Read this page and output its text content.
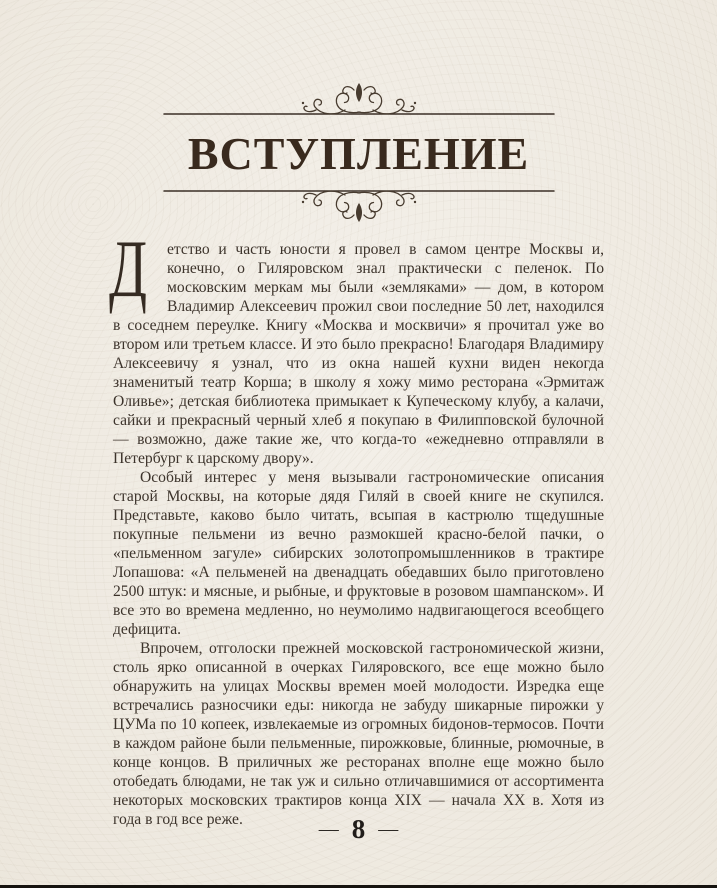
ВСТУПЛЕНИЕ

Д етство и часть юности я провел в самом центре Москвы и, конечно, о Гиляровском знал практически с пеленок. По московским меркам мы были «земляками» — дом, в котором Владимир Алексеевич прожил свои последние 50 лет, находился в соседнем переулке. Книгу «Москва и москвичи» я прочитал уже во втором или третьем классе. И это было прекрасно! Благодаря Владимиру Алексеевичу я узнал, что из окна нашей кухни виден некогда знаменитый театр Корша; в школу я хожу мимо ресторана «Эрмитаж Оливье»; детская библиотека примыкает к Купеческому клубу, а калачи, сайки и прекрасный черный хлеб я покупаю в Филипповской булочной — возможно, даже такие же, что когда-то «ежедневно отправляли в Петербург к царскому двору».

Особый интерес у меня вызывали гастрономические описания старой Москвы, на которые дядя Гиляй в своей книге не скупился. Представьте, каково было читать, всыпая в кастрюлю тщедушные покупные пельмени из вечно размокшей красно-белой пачки, о «пельменном загуле» сибирских золотопромышленников в трактире Лопашова: «А пельменей на двенадцать обедавших было приготовлено 2500 штук: и мясные, и рыбные, и фруктовые в розовом шампанском». И все это во времена медленно, но неумолимо надвигающегося всеобщего дефицита.

Впрочем, отголоски прежней московской гастрономической жизни, столь ярко описанной в очерках Гиляровского, все еще можно было обнаружить на улицах Москвы времен моей молодости. Изредка еще встречались разносчики еды: никогда не забуду шикарные пирожки у ЦУМа по 10 копеек, извлекаемые из огромных бидонов-термосов. Почти в каждом районе были пельменные, пирожковые, блинные, рюмочные, в конце концов. В приличных же ресторанах вполне еще можно было отобедать блюдами, не так уж и сильно отличавшимися от ассортимента некоторых московских трактиров конца XIX — начала XX в. Хотя из года в год все реже.	— 8 —
